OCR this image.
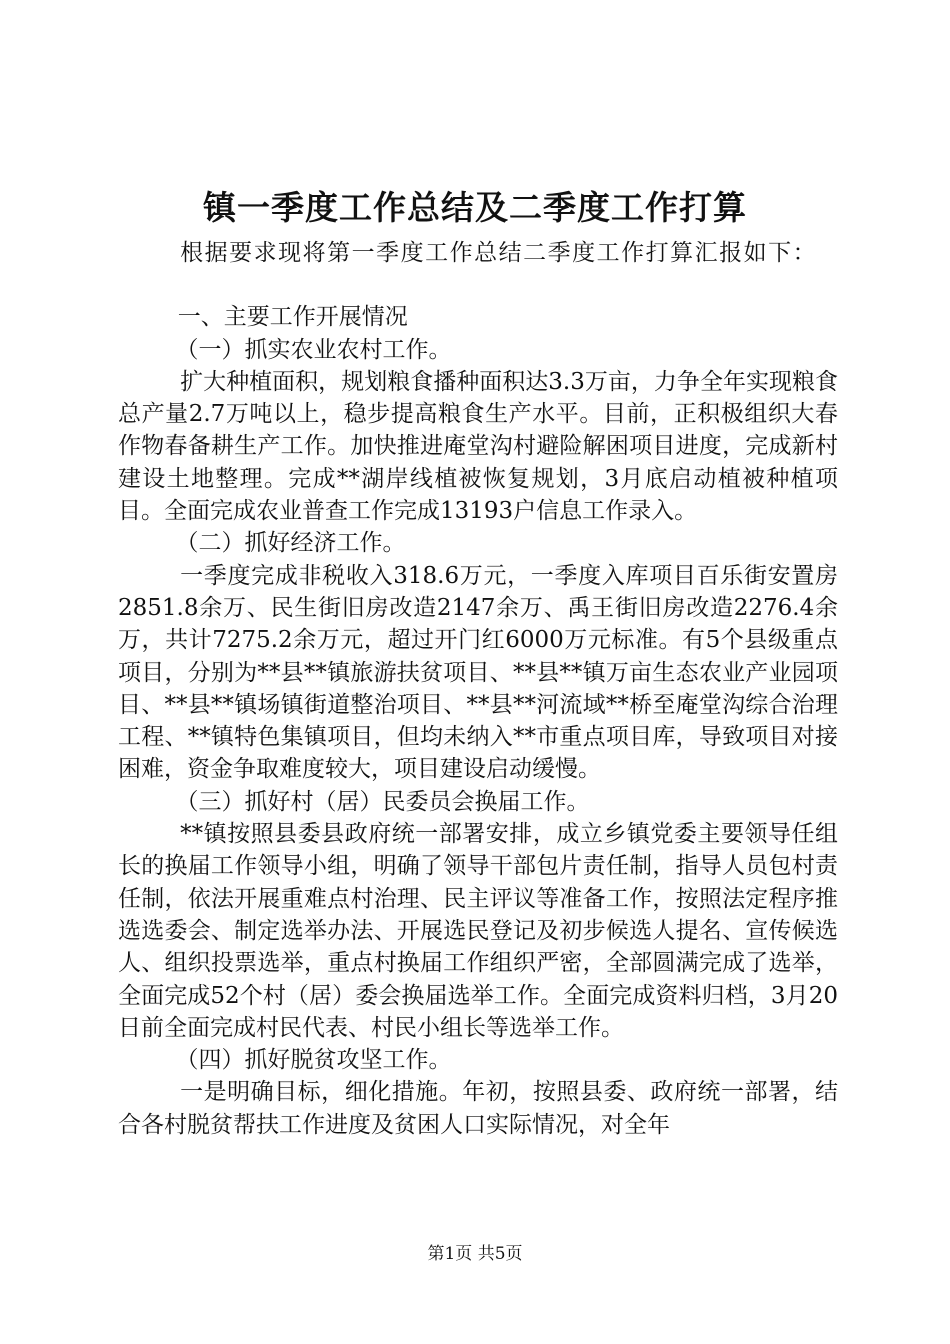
镇一季度工作总结及二季度工作打算

根据要求现将第一季度工作总结二季度工作打算汇报如下：

一、主要工作开展情况

（一）抓实农业农村工作。

扩大种植面积，规划粮食播种面积达3.3万亩，力争全年实现粮食总产量2.7万吨以上，稳步提高粮食生产水平。目前，正积极组织大春作物春备耕生产工作。加快推进庵堂沟村避险解困项目进度，完成新村建设土地整理。完成**湖岸线植被恢复规划，3月底启动植被种植项目。全面完成农业普查工作完成13193户信息工作录入。

（二）抓好经济工作。

一季度完成非税收入318.6万元，一季度入库项目百乐街安置房2851.8余万、民生街旧房改造2147余万、禹王街旧房改造2276.4余万，共计7275.2余万元，超过开门红6000万元标准。有5个县级重点项目，分别为**县**镇旅游扶贫项目、**县**镇万亩生态农业产业园项目、**县**镇场镇街道整治项目、**县**河流域**桥至庵堂沟综合治理工程、**镇特色集镇项目，但均未纳入**市重点项目库，导致项目对接困难，资金争取难度较大，项目建设启动缓慢。

（三）抓好村（居）民委员会换届工作。

**镇按照县委县政府统一部署安排，成立乡镇党委主要领导任组长的换届工作领导小组，明确了领导干部包片责任制，指导人员包村责任制，依法开展重难点村治理、民主评议等准备工作，按照法定程序推选选委会、制定选举办法、开展选民登记及初步候选人提名、宣传候选人、组织投票选举，重点村换届工作组织严密，全部圆满完成了选举，全面完成52个村（居）委会换届选举工作。全面完成资料归档，3月20日前全面完成村民代表、村民小组长等选举工作。

（四）抓好脱贫攻坚工作。

一是明确目标，细化措施。年初，按照县委、政府统一部署，结合各村脱贫帮扶工作进度及贫困人口实际情况，对全年

第1页 共5页
